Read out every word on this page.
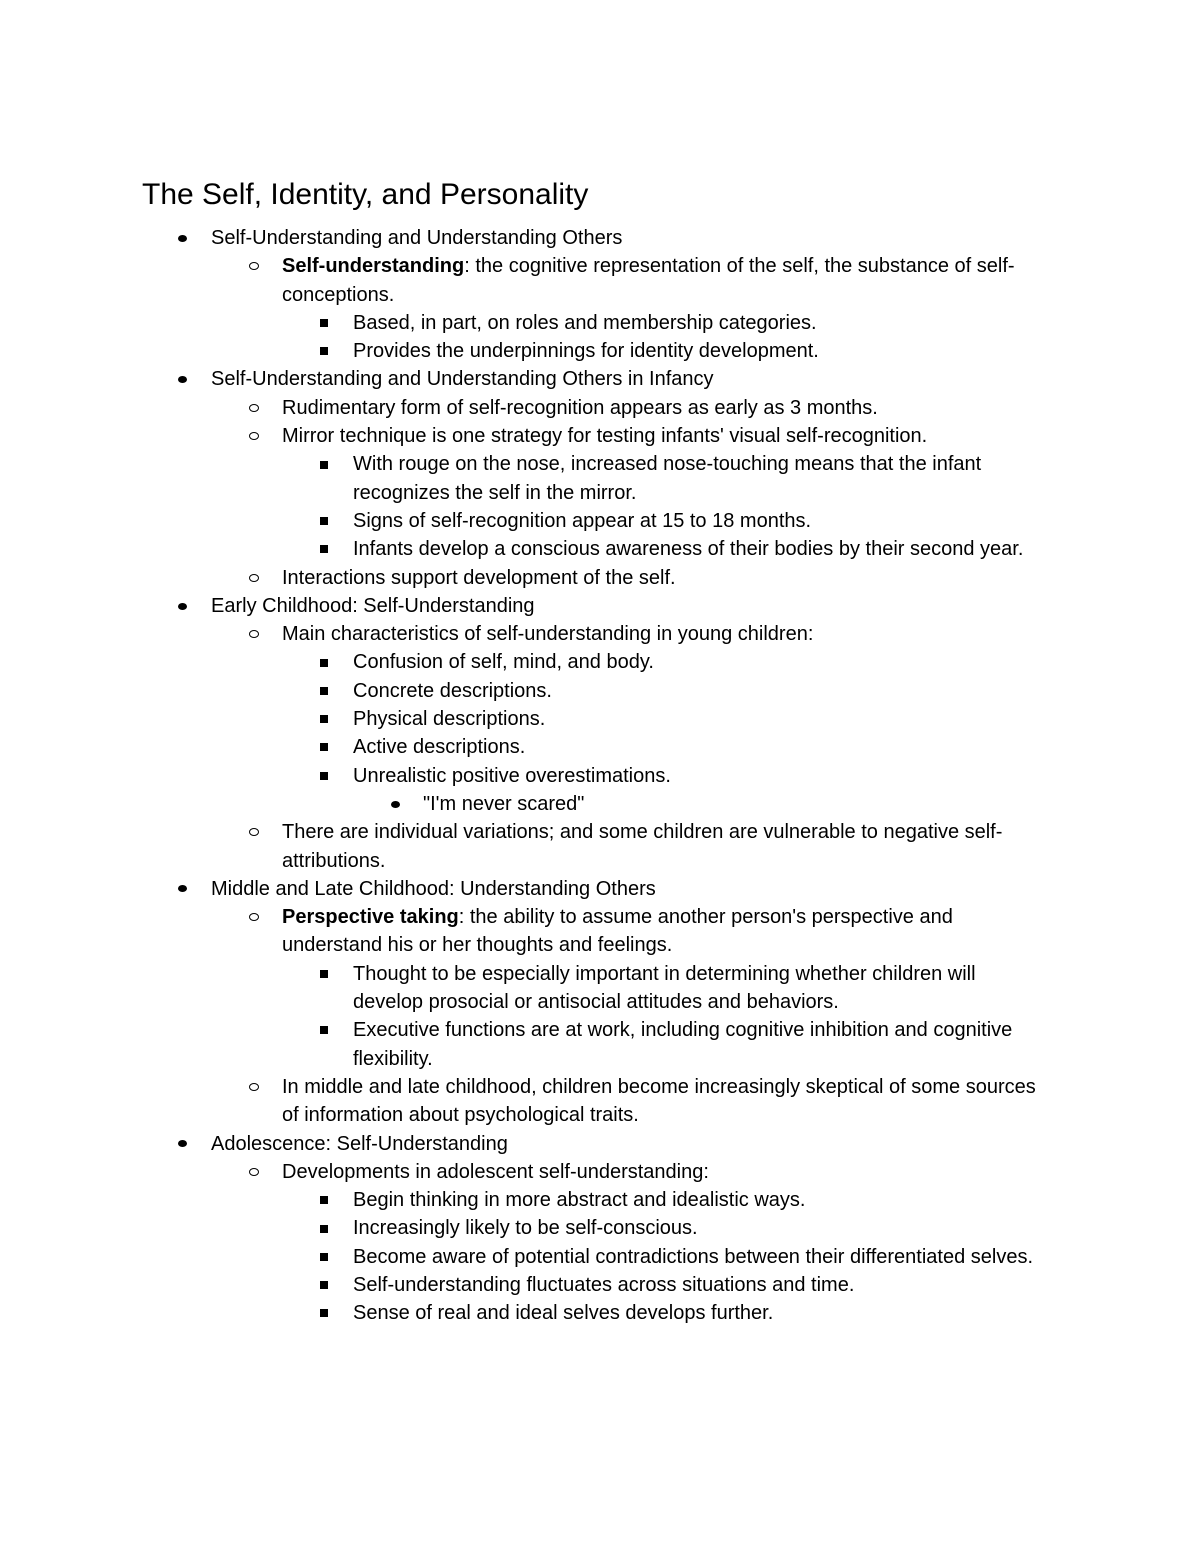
The Self, Identity, and Personality
Self-Understanding and Understanding Others
Self-understanding: the cognitive representation of the self, the substance of self-conceptions.
Based, in part, on roles and membership categories.
Provides the underpinnings for identity development.
Self-Understanding and Understanding Others in Infancy
Rudimentary form of self-recognition appears as early as 3 months.
Mirror technique is one strategy for testing infants' visual self-recognition.
With rouge on the nose, increased nose-touching means that the infant recognizes the self in the mirror.
Signs of self-recognition appear at 15 to 18 months.
Infants develop a conscious awareness of their bodies by their second year.
Interactions support development of the self.
Early Childhood: Self-Understanding
Main characteristics of self-understanding in young children:
Confusion of self, mind, and body.
Concrete descriptions.
Physical descriptions.
Active descriptions.
Unrealistic positive overestimations.
"I'm never scared"
There are individual variations; and some children are vulnerable to negative self-attributions.
Middle and Late Childhood: Understanding Others
Perspective taking: the ability to assume another person's perspective and understand his or her thoughts and feelings.
Thought to be especially important in determining whether children will develop prosocial or antisocial attitudes and behaviors.
Executive functions are at work, including cognitive inhibition and cognitive flexibility.
In middle and late childhood, children become increasingly skeptical of some sources of information about psychological traits.
Adolescence: Self-Understanding
Developments in adolescent self-understanding:
Begin thinking in more abstract and idealistic ways.
Increasingly likely to be self-conscious.
Become aware of potential contradictions between their differentiated selves.
Self-understanding fluctuates across situations and time.
Sense of real and ideal selves develops further.
